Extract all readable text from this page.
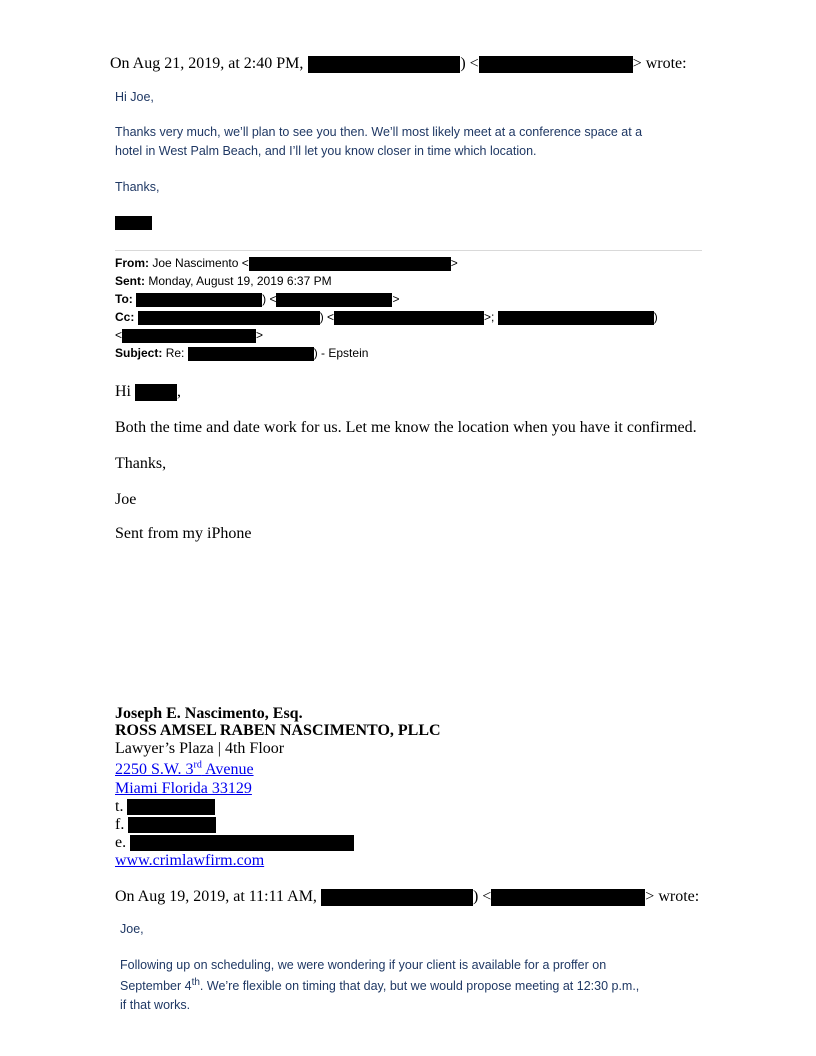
On Aug 21, 2019, at 2:40 PM,	) <	> wrote:
Hi Joe,
Thanks very much, we’ll plan to see you then. We’ll most likely meet at a conference space at a
hotel in West Palm Beach, and I’ll let you know closer in time which location.
Thanks,
From: Joe Nascimento <	>
Sent: Monday, August 19, 2019 6:37 PM
To:	) <	>
Cc:	) <	>;	)
<	>
Subject: Re:	) - Epstein
Hi	,
Both the time and date work for us. Let me know the location when you have it confirmed.
Thanks,
Joe
Sent from my iPhone
Joseph E. Nascimento, Esq.
ROSS AMSEL RABEN NASCIMENTO, PLLC
Lawyer’s Plaza | 4th Floor
2250 S.W. 3rd Avenue
Miami Florida 33129
t.
f.
e.
www.crimlawfirm.com
On Aug 19, 2019, at 11:11 AM,	) <	> wrote:
Joe,
Following up on scheduling, we were wondering if your client is available for a proffer on
September 4th. We’re flexible on timing that day, but we would propose meeting at 12:30 p.m.,
if that works.
